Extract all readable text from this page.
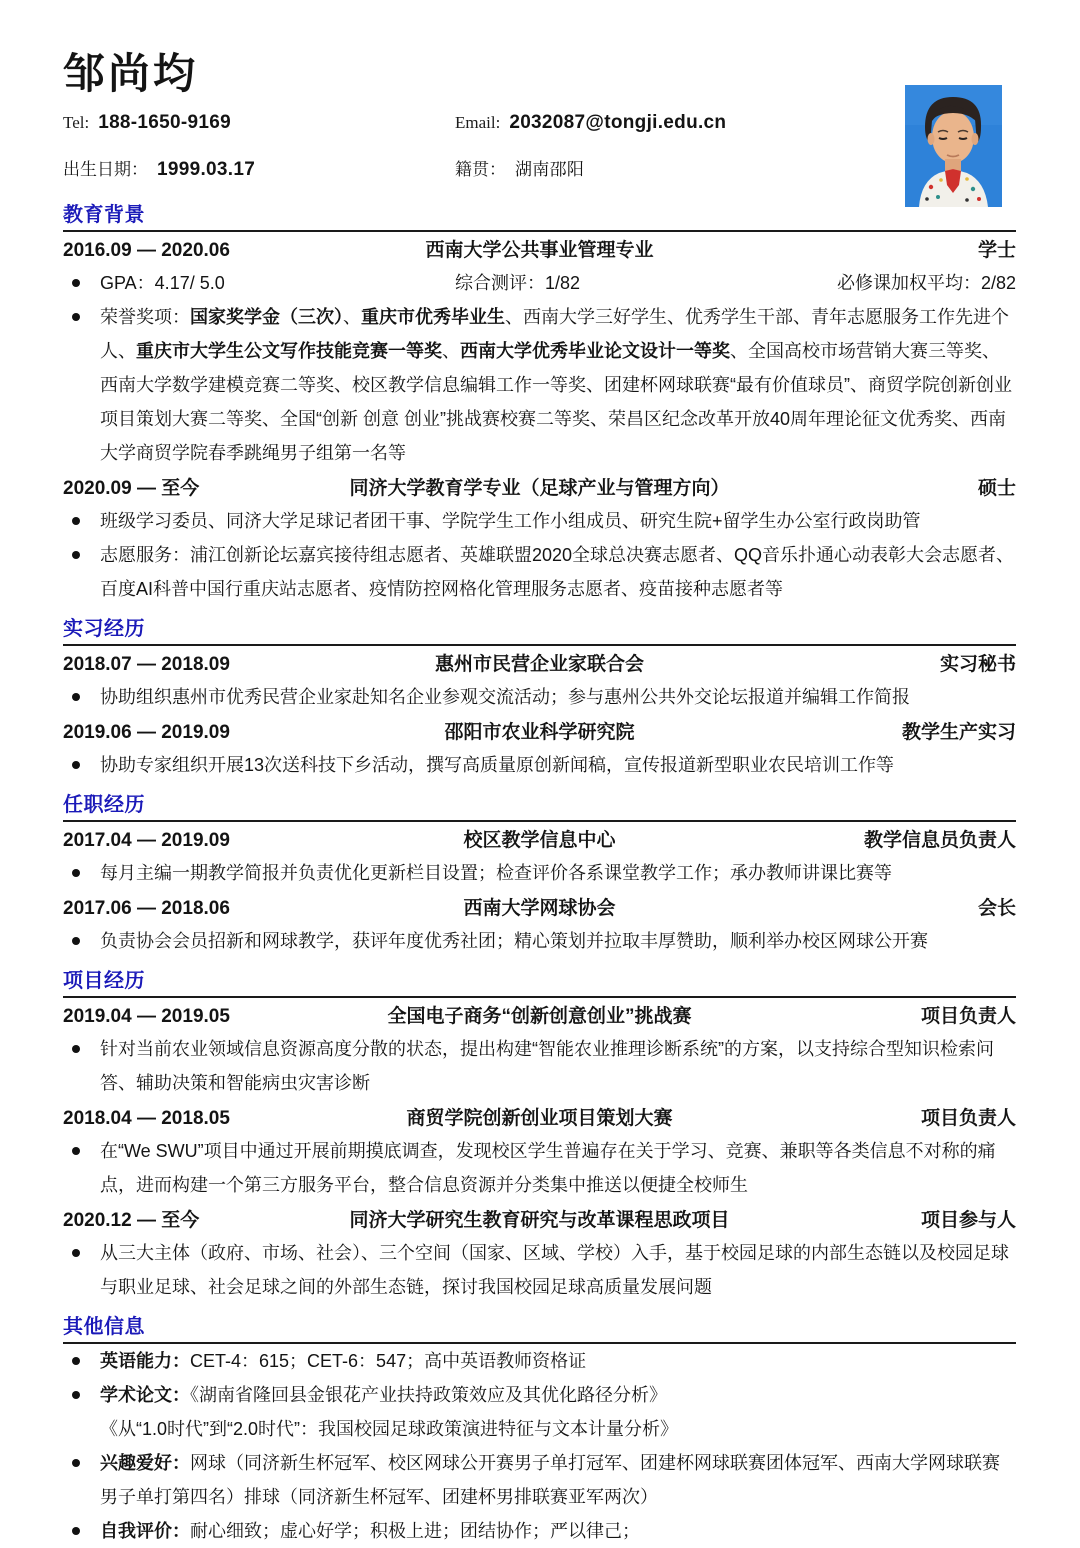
邹尚均
Tel: 188-1650-9169	Email: 2032087@tongji.edu.cn
出生日期： 1999.03.17	籍贯： 湖南邵阳
教育背景
2016.09 — 2020.06	西南大学公共事业管理专业	学士
GPA：4.17/ 5.0	综合测评：1/82	必修课加权平均：2/82
荣誉奖项：国家奖学金（三次）、重庆市优秀毕业生、西南大学三好学生、优秀学生干部、青年志愿服务工作先进个人、重庆市大学生公文写作技能竞赛一等奖、西南大学优秀毕业论文设计一等奖、全国高校市场营销大赛三等奖、西南大学数学建模竞赛二等奖、校区教学信息编辑工作一等奖、团建杯网球联赛“最有价值球员”、商贸学院创新创业项目策划大赛二等奖、全国“创新 创意 创业”挑战赛校赛二等奖、荣昌区纪念改革开放40周年理论征文优秀奖、西南大学商贸学院春季跳绳男子组第一名等
2020.09 — 至今	同济大学教育学专业（足球产业与管理方向）	硕士
班级学习委员、同济大学足球记者团干事、学院学生工作小组成员、研究生院+留学生办公室行政岗助管
志愿服务：浦江创新论坛嘉宾接待组志愿者、英雄联盟2020全球总决赛志愿者、QQ音乐扑通心动表彰大会志愿者、百度AI科普中国行重庆站志愿者、疫情防控网格化管理服务志愿者、疫苗接种志愿者等
实习经历
2018.07 — 2018.09	惠州市民营企业家联合会	实习秘书
协助组织惠州市优秀民营企业家赴知名企业参观交流活动；参与惠州公共外交论坛报道并编辑工作简报
2019.06 — 2019.09	邵阳市农业科学研究院	教学生产实习
协助专家组织开展13次送科技下乡活动，撰写高质量原创新闻稿，宣传报道新型职业农民培训工作等
任职经历
2017.04 — 2019.09	校区教学信息中心	教学信息员负责人
每月主编一期教学简报并负责优化更新栏目设置；检查评价各系课堂教学工作；承办教师讲课比赛等
2017.06 — 2018.06	西南大学网球协会	会长
负责协会会员招新和网球教学，获评年度优秀社团；精心策划并拉取丰厚赞助，顺利举办校区网球公开赛
项目经历
2019.04 — 2019.05	全国电子商务“创新创意创业”挑战赛	项目负责人
针对当前农业领域信息资源高度分散的状态，提出构建“智能农业推理诊断系统”的方案，以支持综合型知识检索问答、辅助决策和智能病虫灾害诊断
2018.04 — 2018.05	商贸学院创新创业项目策划大赛	项目负责人
在“We SWU”项目中通过开展前期摸底调查，发现校区学生普遍存在关于学习、竞赛、兼职等各类信息不对称的痛点，进而构建一个第三方服务平台，整合信息资源并分类集中推送以便捷全校师生
2020.12 — 至今	同济大学研究生教育研究与改革课程思政项目	项目参与人
从三大主体（政府、市场、社会）、三个空间（国家、区域、学校）入手，基于校园足球的内部生态链以及校园足球与职业足球、社会足球之间的外部生态链，探讨我国校园足球高质量发展问题
其他信息
英语能力：CET-4：615；CET-6：547；高中英语教师资格证
学术论文：《湖南省隆回县金银花产业扶持政策效应及其优化路径分析》
《从“1.0时代”到“2.0时代”：我国校园足球政策演进特征与文本计量分析》
兴趣爱好：网球（同济新生杯冠军、校区网球公开赛男子单打冠军、团建杯网球联赛团体冠军、西南大学网球联赛男子单打第四名）排球（同济新生杯冠军、团建杯男排联赛亚军两次）
自我评价：耐心细致；虚心好学；积极上进；团结协作；严以律己；
